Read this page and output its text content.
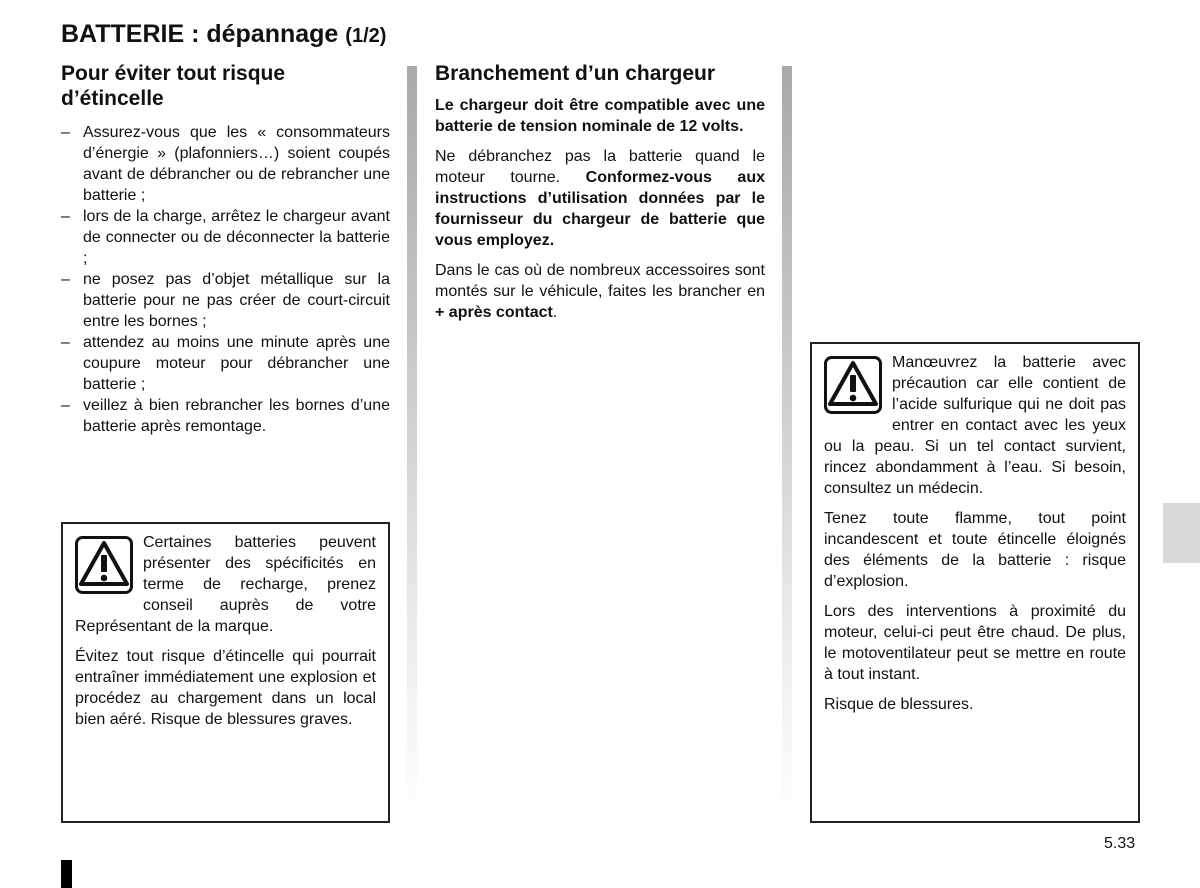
BATTERIE : dépannage (1/2)
Pour éviter tout risque d’étincelle
– Assurez-vous que les « consommateurs d’énergie » (plafonniers…) soient coupés avant de débrancher ou de rebrancher une batterie ;
– lors de la charge, arrêtez le chargeur avant de connecter ou de déconnecter la batterie ;
– ne posez pas d’objet métallique sur la batterie pour ne pas créer de court-circuit entre les bornes ;
– attendez au moins une minute après une coupure moteur pour débrancher une batterie ;
– veillez à bien rebrancher les bornes d’une batterie après remontage.
Branchement d’un chargeur

Le chargeur doit être compatible avec une batterie de tension nominale de 12 volts.

Ne débranchez pas la batterie quand le moteur tourne. Conformez-vous aux instructions d’utilisation données par le fournisseur du chargeur de batterie que vous employez.

Dans le cas où de nombreux accessoires sont montés sur le véhicule, faites les brancher en + après contact.

Certaines batteries peuvent présenter des spécificités en terme de recharge, prenez conseil auprès de votre Représentant de la marque.

Évitez tout risque d’étincelle qui pourrait entraîner immédiatement une explosion et procédez au chargement dans un local bien aéré. Risque de blessures graves.

Manœuvrez la batterie avec précaution car elle contient de l’acide sulfurique qui ne doit pas entrer en contact avec les yeux ou la peau. Si un tel contact survient, rincez abondamment à l’eau. Si besoin, consultez un médecin.

Tenez toute flamme, tout point incandescent et toute étincelle éloignés des éléments de la batterie : risque d’explosion.

Lors des interventions à proximité du moteur, celui-ci peut être chaud. De plus, le motoventilateur peut se mettre en route à tout instant.

Risque de blessures.

5.33
